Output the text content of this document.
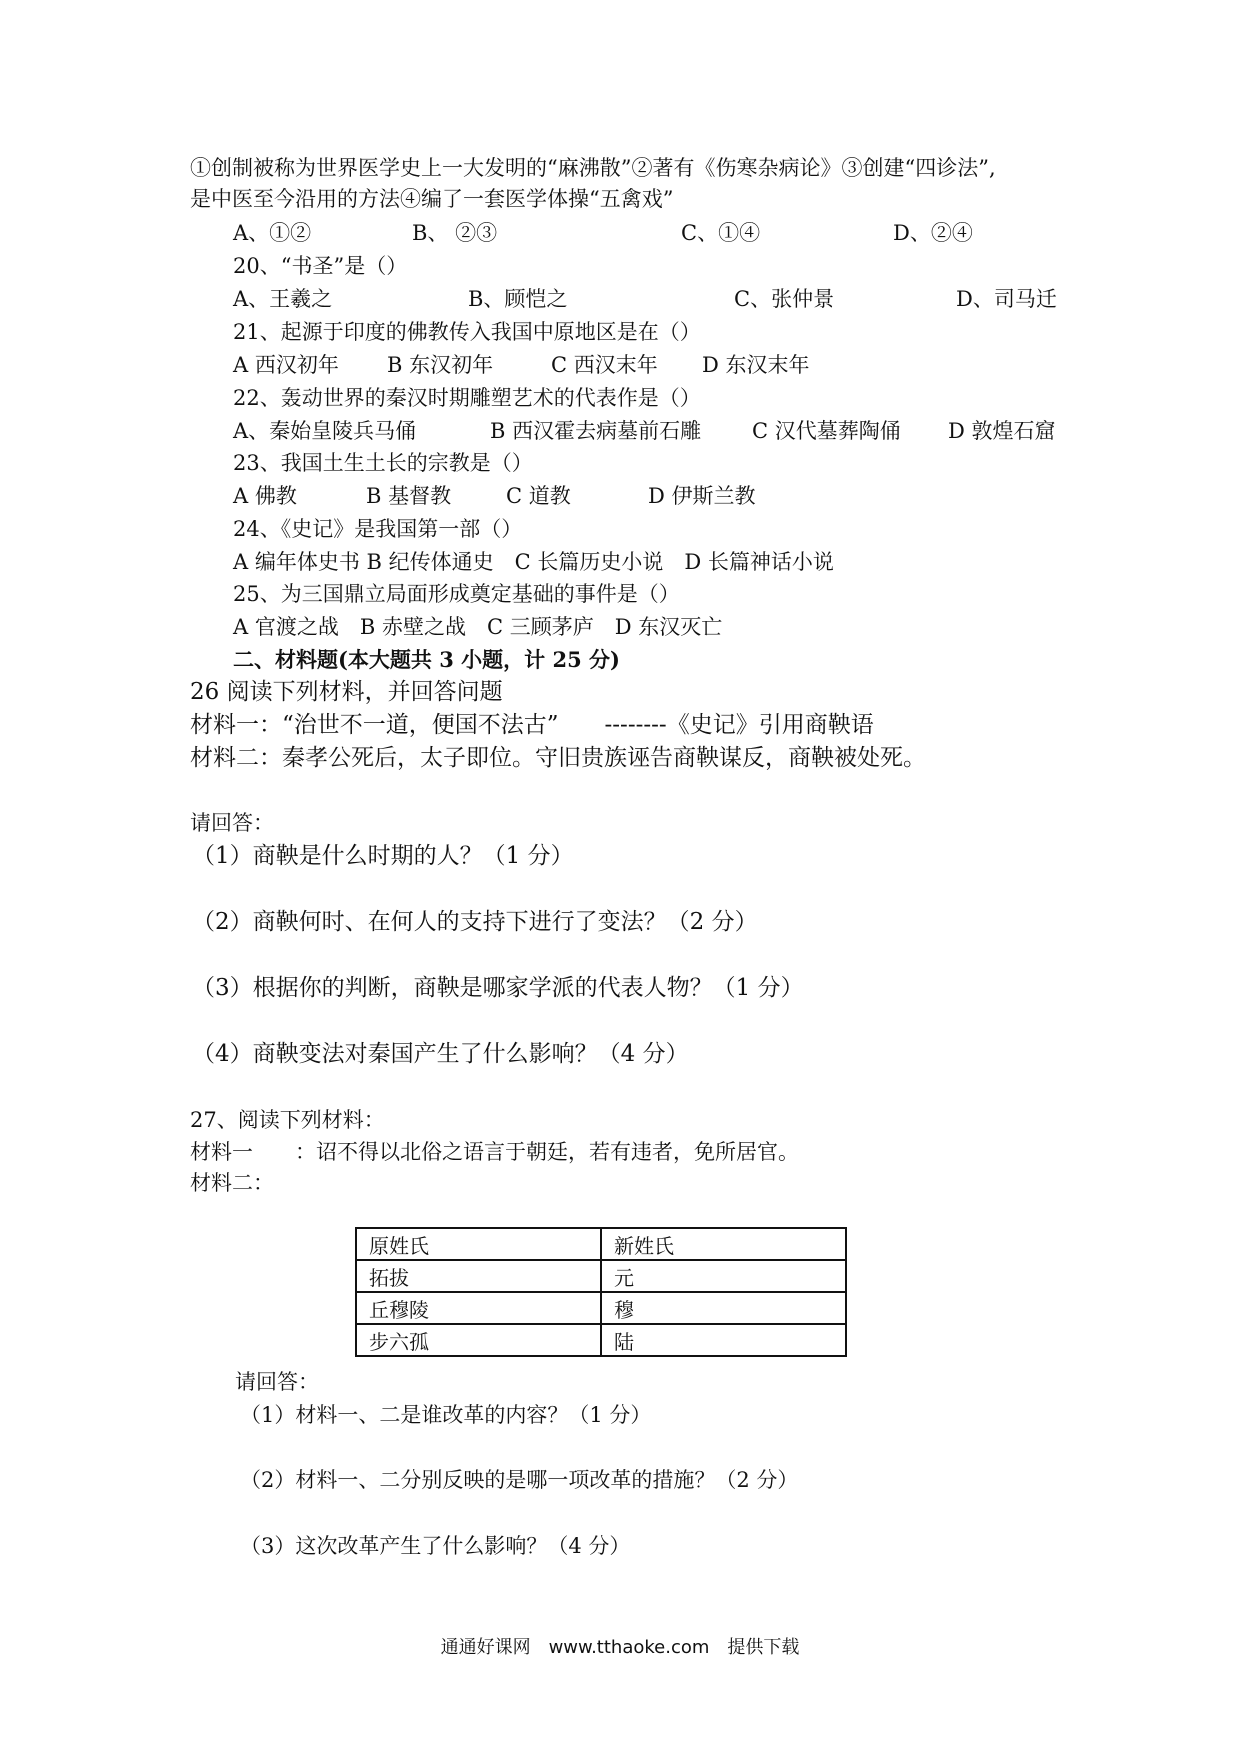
①创制被称为世界医学史上一大发明的“麻沸散”②著有《伤寒杂病论》③创建“四诊法”,
是中医至今沿用的方法④编了一套医学体操“五禽戏”
A、①②	B、 ②③	C、①④	D、②④
20、“书圣”是（）
A、王羲之	B、顾恺之	C、张仲景	D、司马迁
21、起源于印度的佛教传入我国中原地区是在（）
A 西汉初年 B 东汉初年	C 西汉末年 D 东汉末年
22、轰动世界的秦汉时期雕塑艺术的代表作是（）
A、秦始皇陵兵马俑	B 西汉霍去病墓前石雕 C 汉代墓葬陶俑 D 敦煌石窟
23、我国土生土长的宗教是（）
A 佛教	B 基督教	C 道教	D 伊斯兰教
24、《史记》是我国第一部（）
A 编年体史书 B 纪传体通史　C 长篇历史小说　D 长篇神话小说
25、为三国鼎立局面形成奠定基础的事件是（）
A 官渡之战　B 赤壁之战　C 三顾茅庐　D 东汉灭亡
二、材料题(本大题共 3 小题，计 25 分)
26 阅读下列材料，并回答问题
材料一：“治世不一道，便国不法古”　　--------《史记》引用商鞅语
材料二：秦孝公死后，太子即位。守旧贵族诬告商鞅谋反，商鞅被处死。
请回答：
（1）商鞅是什么时期的人？（1 分）
（2）商鞅何时、在何人的支持下进行了变法？（2 分）
（3）根据你的判断，商鞅是哪家学派的代表人物？（1 分）
（4）商鞅变法对秦国产生了什么影响？（4 分）
27、阅读下列材料：
材料一　　：诏不得以北俗之语言于朝廷，若有违者，免所居官。
材料二：
原姓氏	新姓氏
拓拔	元
丘穆陵	穆
步六孤	陆
请回答：
（1）材料一、二是谁改革的内容？（1 分）
（2）材料一、二分别反映的是哪一项改革的措施？（2 分）
（3）这次改革产生了什么影响？（4 分）
通通好课网　www.tthaoke.com　提供下载
